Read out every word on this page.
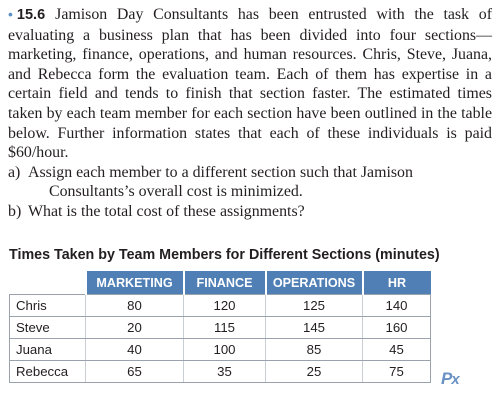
• 15.6 Jamison Day Consultants has been entrusted with the task of evaluating a business plan that has been divided into four sections—marketing, finance, operations, and human resources. Chris, Steve, Juana, and Rebecca form the evaluation team. Each of them has expertise in a certain field and tends to finish that section faster. The estimated times taken by each team member for each section have been outlined in the table below. Further information states that each of these individuals is paid $60/hour.

a) Assign each member to a different section such that Jamison
Consultants’s overall cost is minimized.
b) What is the total cost of these assignments?
Times Taken by Team Members for Different Sections (minutes)
	MARKETING	FINANCE	OPERATIONS	HR
Chris	80	120	125	140
Steve	20	115	145	160
Juana	40	100	85	45
Rebecca	65	35	25	75 Px
